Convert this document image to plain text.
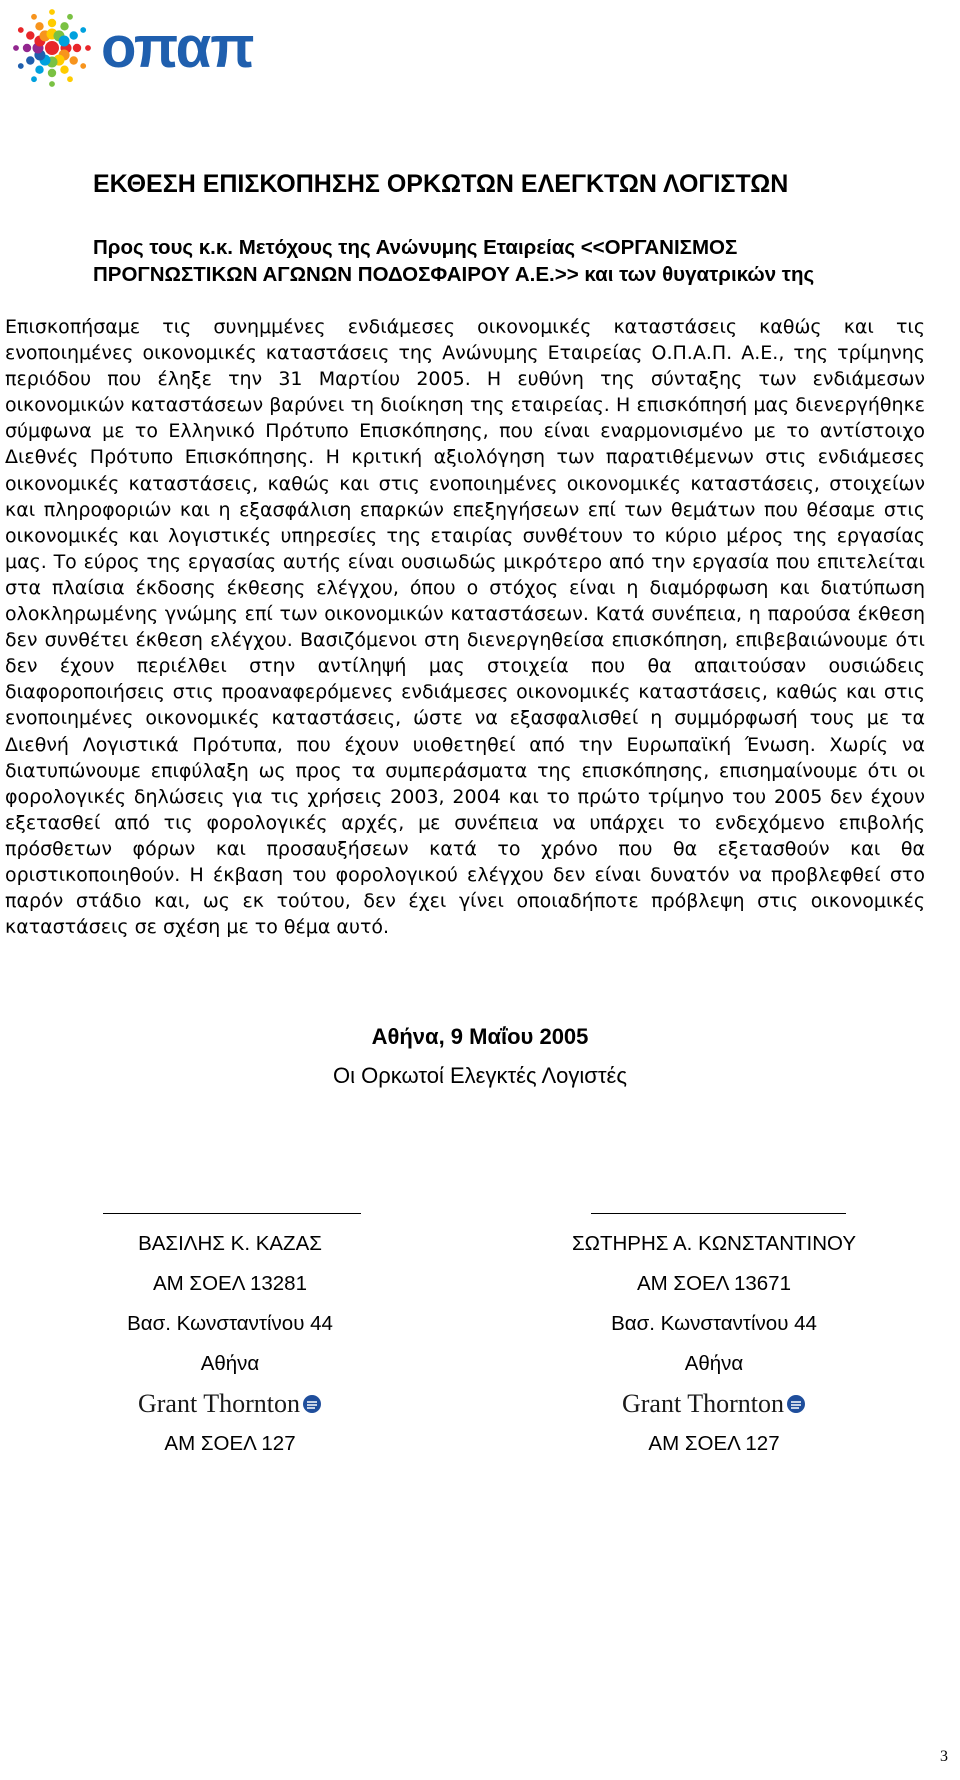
οπαπ
ΕΚΘΕΣΗ ΕΠΙΣΚΟΠΗΣΗΣ ΟΡΚΩΤΩΝ ΕΛΕΓΚΤΩΝ ΛΟΓΙΣΤΩΝ

Προς τους κ.κ. Μετόχους της Ανώνυμης Εταιρείας <<ΟΡΓΑΝΙΣΜΟΣ ΠΡΟΓΝΩΣΤΙΚΩΝ ΑΓΩΝΩΝ ΠΟΔΟΣΦΑΙΡΟΥ Α.Ε.>> και των θυγατρικών της

Επισκοπήσαμε τις συνημμένες ενδιάμεσες οικονομικές καταστάσεις καθώς και τις ενοποιημένες οικονομικές καταστάσεις της Ανώνυμης Εταιρείας Ο.Π.Α.Π. Α.Ε., της τρίμηνης περιόδου που έληξε την 31 Μαρτίου 2005. Η ευθύνη της σύνταξης των ενδιάμεσων οικονομικών καταστάσεων βαρύνει τη διοίκηση της εταιρείας. Η επισκόπησή μας διενεργήθηκε σύμφωνα με το Ελληνικό Πρότυπο Επισκόπησης, που είναι εναρμονισμένο με το αντίστοιχο Διεθνές Πρότυπο Επισκόπησης. Η κριτική αξιολόγηση των παρατιθέμενων στις ενδιάμεσες οικονομικές καταστάσεις, καθώς και στις ενοποιημένες οικονομικές καταστάσεις, στοιχείων και πληροφοριών και η εξασφάλιση επαρκών επεξηγήσεων επί των θεμάτων που θέσαμε στις οικονομικές και λογιστικές υπηρεσίες της εταιρίας συνθέτουν το κύριο μέρος της εργασίας μας. Το εύρος της εργασίας αυτής είναι ουσιωδώς μικρότερο από την εργασία που επιτελείται στα πλαίσια έκδοσης έκθεσης ελέγχου, όπου ο στόχος είναι η διαμόρφωση και διατύπωση ολοκληρωμένης γνώμης επί των οικονομικών καταστάσεων. Κατά συνέπεια, η παρούσα έκθεση δεν συνθέτει έκθεση ελέγχου. Βασιζόμενοι στη διενεργηθείσα επισκόπηση, επιβεβαιώνουμε ότι δεν έχουν περιέλθει στην αντίληψή μας στοιχεία που θα απαιτούσαν ουσιώδεις διαφοροποιήσεις στις προαναφερόμενες ενδιάμεσες οικονομικές καταστάσεις, καθώς και στις ενοποιημένες οικονομικές καταστάσεις, ώστε να εξασφαλισθεί η συμμόρφωσή τους με τα Διεθνή Λογιστικά Πρότυπα, που έχουν υιοθετηθεί από την Ευρωπαϊκή Ένωση. Χωρίς να διατυπώνουμε επιφύλαξη ως προς τα συμπεράσματα της επισκόπησης, επισημαίνουμε ότι οι φορολογικές δηλώσεις για τις χρήσεις 2003, 2004 και το πρώτο τρίμηνο του 2005 δεν έχουν εξετασθεί από τις φορολογικές αρχές, με συνέπεια να υπάρχει το ενδεχόμενο επιβολής πρόσθετων φόρων και προσαυξήσεων κατά το χρόνο που θα εξετασθούν και θα οριστικοποιηθούν. Η έκβαση του φορολογικού ελέγχου δεν είναι δυνατόν να προβλεφθεί στο παρόν στάδιο και, ως εκ τούτου, δεν έχει γίνει οποιαδήποτε πρόβλεψη στις οικονομικές καταστάσεις σε σχέση με το θέμα αυτό.

Αθήνα, 9 Μαΐου 2005

Οι Ορκωτοί Ελεγκτές Λογιστές

ΒΑΣΙΛΗΣ Κ. ΚΑΖΑΣ
ΑΜ ΣΟΕΛ 13281
Βασ. Κωνσταντίνου 44
Αθήνα
Grant Thornton
ΑΜ ΣΟΕΛ 127
ΣΩΤΗΡΗΣ Α. ΚΩΝΣΤΑΝΤΙΝΟΥ
ΑΜ ΣΟΕΛ 13671
Βασ. Κωνσταντίνου 44
Αθήνα
Grant Thornton
ΑΜ ΣΟΕΛ 127
3
